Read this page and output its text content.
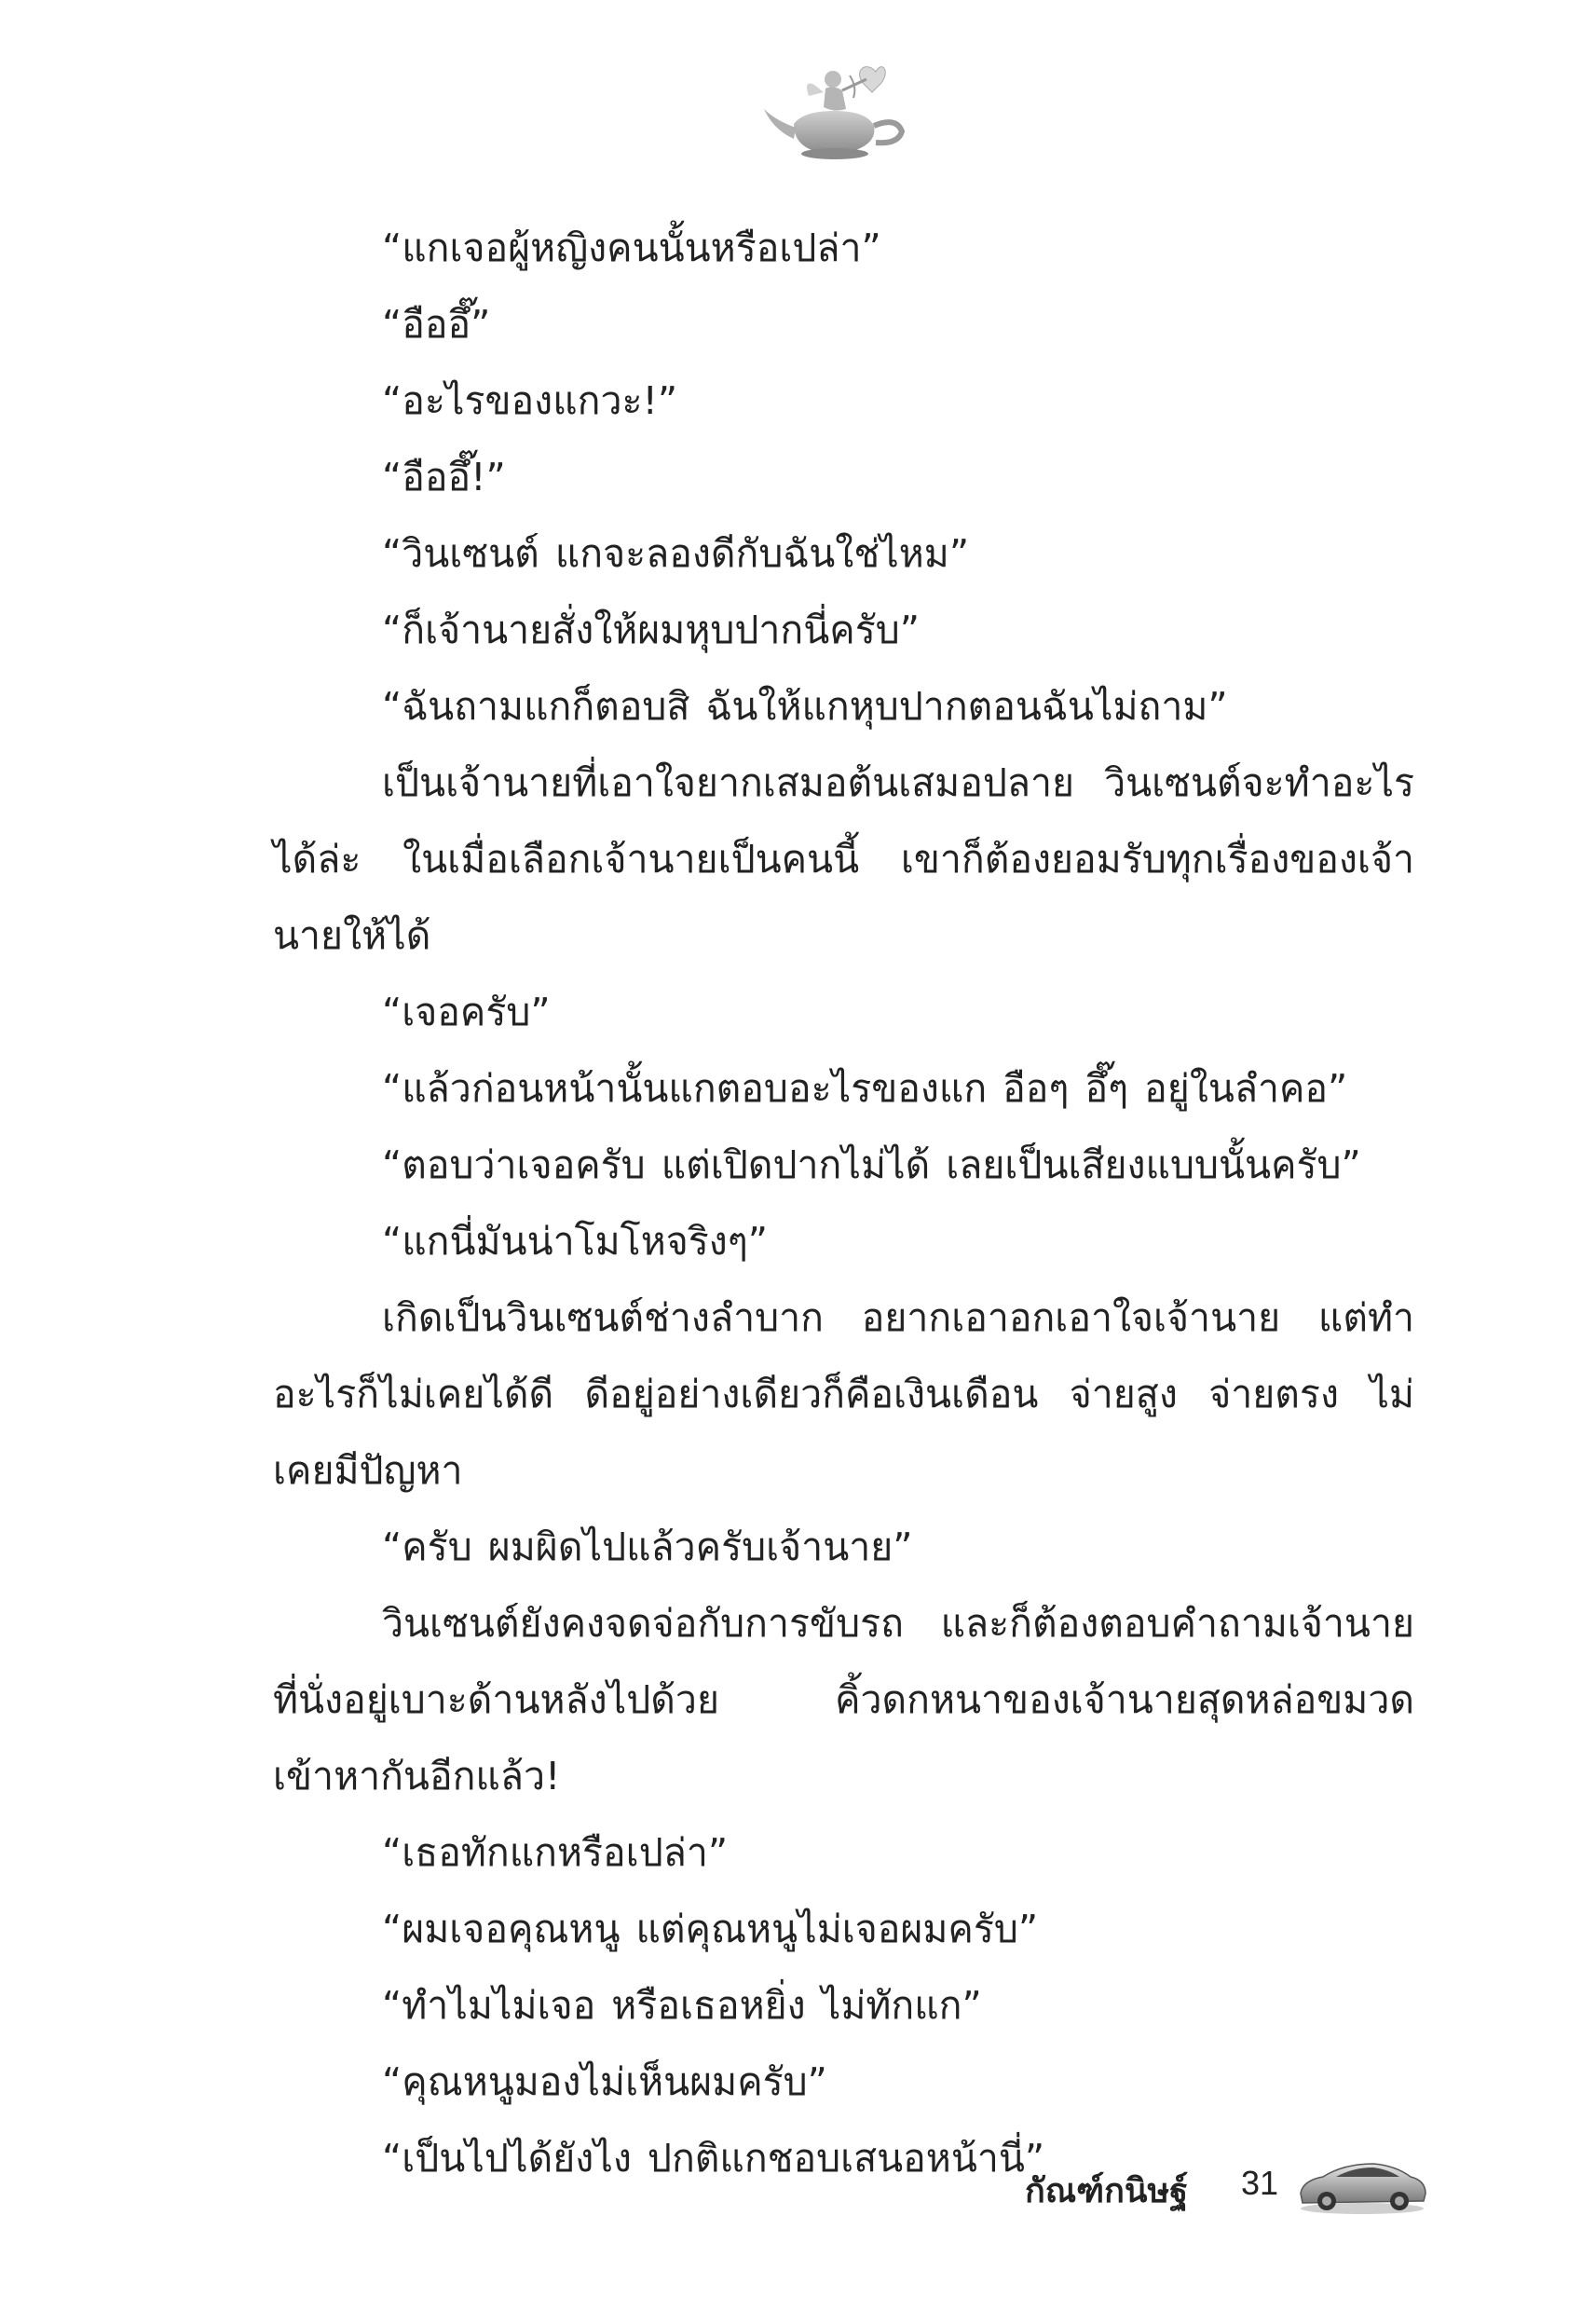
“แกเจอผู้หญิงคนนั้นหรือเปล่า”

“อืออึ๊”

“อะไรของแกวะ!”

“อืออึ๊!”

“วินเซนต์ แกจะลองดีกับฉันใช่ไหม”

“ก็เจ้านายสั่งให้ผมหุบปากนี่ครับ”

“ฉันถามแกก็ตอบสิ ฉันให้แกหุบปากตอนฉันไม่ถาม”

เป็นเจ้านายที่เอาใจยากเสมอต้นเสมอปลาย วินเซนต์จะทำอะไรได้ล่ะ ในเมื่อเลือกเจ้านายเป็นคนนี้ เขาก็ต้องยอมรับทุกเรื่องของเจ้านายให้ได้

“เจอครับ”

“แล้วก่อนหน้านั้นแกตอบอะไรของแก อือๆ อึ๊ๆ อยู่ในลำคอ”

“ตอบว่าเจอครับ แต่เปิดปากไม่ได้ เลยเป็นเสียงแบบนั้นครับ”

“แกนี่มันน่าโมโหจริงๆ”

เกิดเป็นวินเซนต์ช่างลำบาก อยากเอาอกเอาใจเจ้านาย แต่ทำอะไรก็ไม่เคยได้ดี ดีอยู่อย่างเดียวก็คือเงินเดือน จ่ายสูง จ่ายตรง ไม่เคยมีปัญหา

“ครับ ผมผิดไปแล้วครับเจ้านาย”

วินเซนต์ยังคงจดจ่อกับการขับรถ และก็ต้องตอบคำถามเจ้านายที่นั่งอยู่เบาะด้านหลังไปด้วย คิ้วดกหนาของเจ้านายสุดหล่อขมวดเข้าหากันอีกแล้ว!

“เธอทักแกหรือเปล่า”

“ผมเจอคุณหนู แต่คุณหนูไม่เจอผมครับ”

“ทำไมไม่เจอ หรือเธอหยิ่ง ไม่ทักแก”

“คุณหนูมองไม่เห็นผมครับ”

“เป็นไปได้ยังไง ปกติแกชอบเสนอหน้านี่”

กัณฑ์กนิษฐ์ 31
